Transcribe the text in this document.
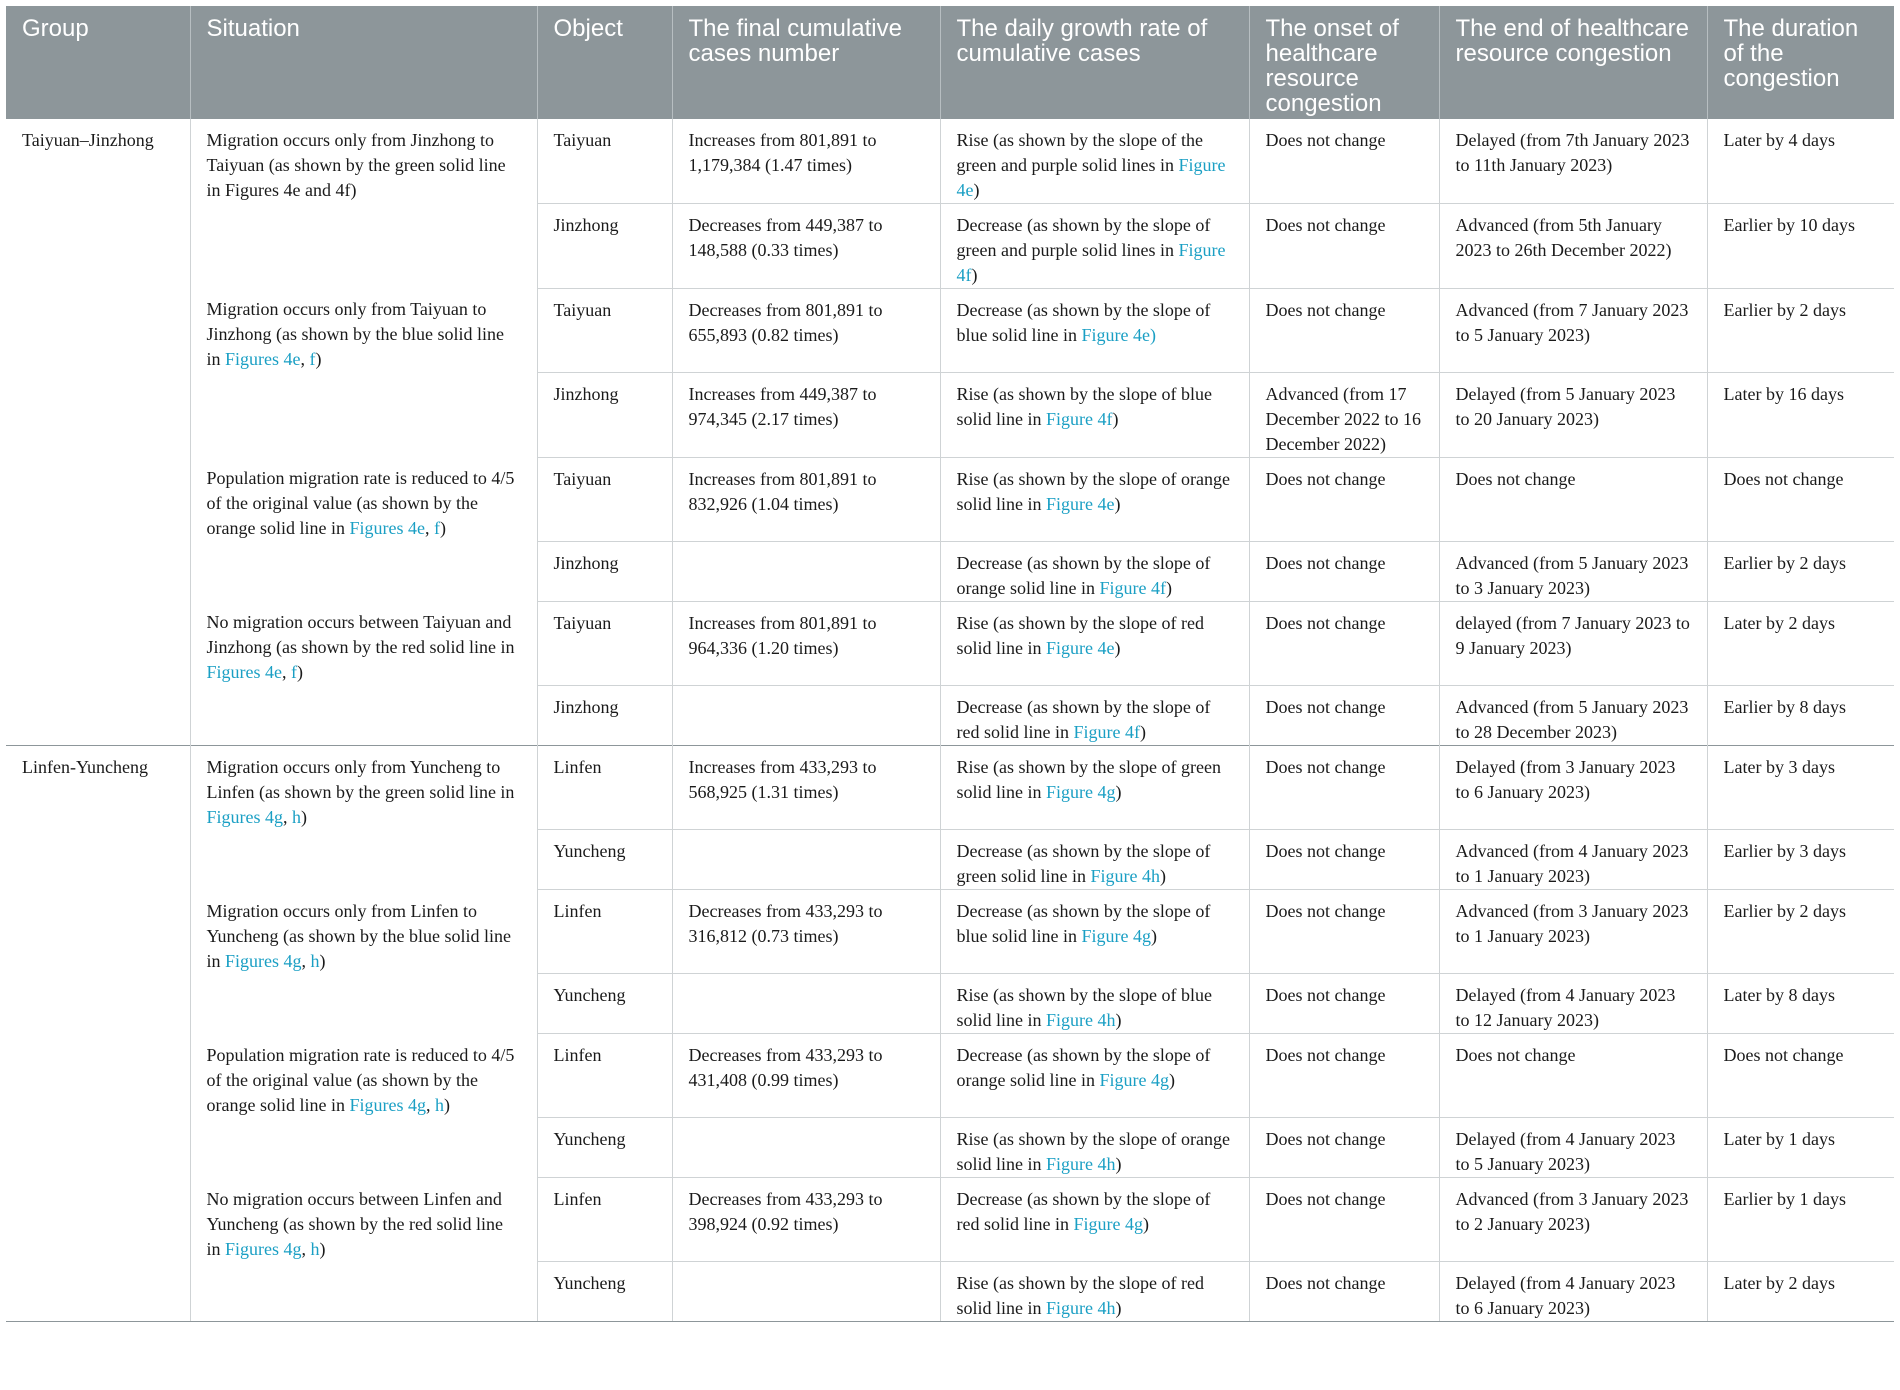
Group	Situation	Object	The final cumulative cases number	The daily growth rate of cumulative cases	The onset of healthcare resource congestion	The end of healthcare resource congestion	The duration of the congestion
Taiyuan–Jinzhong	Migration occurs only from Jinzhong to Taiyuan (as shown by the green solid line in Figures 4e and 4f)	Taiyuan	Increases from 801,891 to 1,179,384 (1.47 times)	Rise (as shown by the slope of the green and purple solid lines in Figure 4e)	Does not change	Delayed (from 7th January 2023 to 11th January 2023)	Later by 4 days
		Jinzhong	Decreases from 449,387 to 148,588 (0.33 times)	Decrease (as shown by the slope of green and purple solid lines in Figure 4f)	Does not change	Advanced (from 5th January 2023 to 26th December 2022)	Earlier by 10 days
	Migration occurs only from Taiyuan to Jinzhong (as shown by the blue solid line in Figures 4e, f)	Taiyuan	Decreases from 801,891 to 655,893 (0.82 times)	Decrease (as shown by the slope of blue solid line in Figure 4e)	Does not change	Advanced (from 7 January 2023 to 5 January 2023)	Earlier by 2 days
		Jinzhong	Increases from 449,387 to 974,345 (2.17 times)	Rise (as shown by the slope of blue solid line in Figure 4f)	Advanced (from 17 December 2022 to 16 December 2022)	Delayed (from 5 January 2023 to 20 January 2023)	Later by 16 days
	Population migration rate is reduced to 4/5 of the original value (as shown by the orange solid line in Figures 4e, f)	Taiyuan	Increases from 801,891 to 832,926 (1.04 times)	Rise (as shown by the slope of orange solid line in Figure 4e)	Does not change	Does not change	Does not change
		Jinzhong		Decrease (as shown by the slope of orange solid line in Figure 4f)	Does not change	Advanced (from 5 January 2023 to 3 January 2023)	Earlier by 2 days
	No migration occurs between Taiyuan and Jinzhong (as shown by the red solid line in Figures 4e, f)	Taiyuan	Increases from 801,891 to 964,336 (1.20 times)	Rise (as shown by the slope of red solid line in Figure 4e)	Does not change	delayed (from 7 January 2023 to 9 January 2023)	Later by 2 days
		Jinzhong		Decrease (as shown by the slope of red solid line in Figure 4f)	Does not change	Advanced (from 5 January 2023 to 28 December 2023)	Earlier by 8 days
Linfen-Yuncheng	Migration occurs only from Yuncheng to Linfen (as shown by the green solid line in Figures 4g, h)	Linfen	Increases from 433,293 to 568,925 (1.31 times)	Rise (as shown by the slope of green solid line in Figure 4g)	Does not change	Delayed (from 3 January 2023 to 6 January 2023)	Later by 3 days
		Yuncheng		Decrease (as shown by the slope of green solid line in Figure 4h)	Does not change	Advanced (from 4 January 2023 to 1 January 2023)	Earlier by 3 days
	Migration occurs only from Linfen to Yuncheng (as shown by the blue solid line in Figures 4g, h)	Linfen	Decreases from 433,293 to 316,812 (0.73 times)	Decrease (as shown by the slope of blue solid line in Figure 4g)	Does not change	Advanced (from 3 January 2023 to 1 January 2023)	Earlier by 2 days
		Yuncheng		Rise (as shown by the slope of blue solid line in Figure 4h)	Does not change	Delayed (from 4 January 2023 to 12 January 2023)	Later by 8 days
	Population migration rate is reduced to 4/5 of the original value (as shown by the orange solid line in Figures 4g, h)	Linfen	Decreases from 433,293 to 431,408 (0.99 times)	Decrease (as shown by the slope of orange solid line in Figure 4g)	Does not change	Does not change	Does not change
		Yuncheng		Rise (as shown by the slope of orange solid line in Figure 4h)	Does not change	Delayed (from 4 January 2023 to 5 January 2023)	Later by 1 days
	No migration occurs between Linfen and Yuncheng (as shown by the red solid line in Figures 4g, h)	Linfen	Decreases from 433,293 to 398,924 (0.92 times)	Decrease (as shown by the slope of red solid line in Figure 4g)	Does not change	Advanced (from 3 January 2023 to 2 January 2023)	Earlier by 1 days
		Yuncheng		Rise (as shown by the slope of red solid line in Figure 4h)	Does not change	Delayed (from 4 January 2023 to 6 January 2023)	Later by 2 days
